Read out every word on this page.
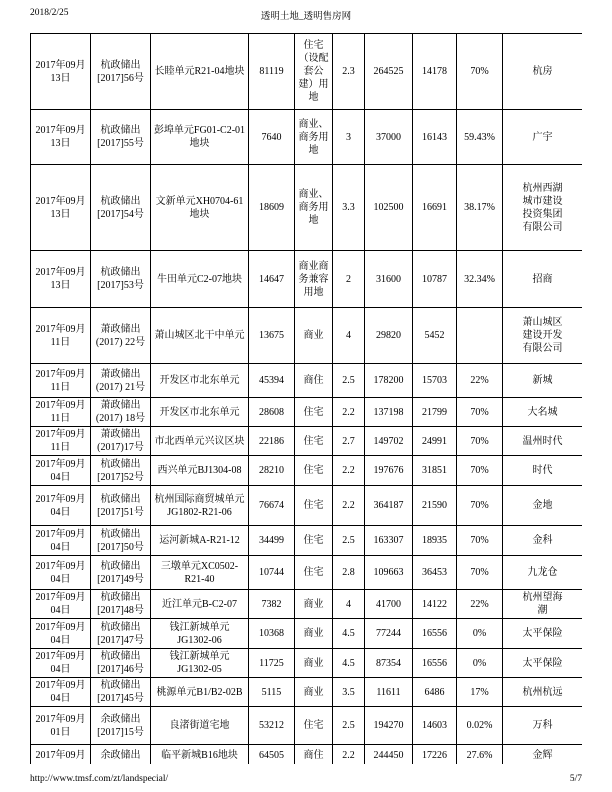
2018/2/25	透明土地_透明售房网
2017年09月13日	杭政储出[2017]56号	长睦单元R21-04地块	81119	住宅（设配套公建）用地	2.3	264525	14178	70%	杭房
2017年09月13日	杭政储出[2017]55号	彭埠单元FG01-C2-01地块	7640	商业、商务用地	3	37000	16143	59.43%	广宇
2017年09月13日	杭政储出[2017]54号	文新单元XH0704-61地块	18609	商业、商务用地	3.3	102500	16691	38.17%	杭州西湖城市建设投资集团有限公司
2017年09月13日	杭政储出[2017]53号	牛田单元C2-07地块	14647	商业商务兼容用地	2	31600	10787	32.34%	招商
2017年09月11日	萧政储出(2017) 22号	萧山城区北干中单元	13675	商业	4	29820	5452		萧山城区建设开发有限公司
2017年09月11日	萧政储出(2017) 21号	开发区市北东单元	45394	商住	2.5	178200	15703	22%	新城
2017年09月11日	萧政储出(2017) 18号	开发区市北东单元	28608	住宅	2.2	137198	21799	70%	大名城
2017年09月11日	萧政储出(2017)17号	市北西单元兴议区块	22186	住宅	2.7	149702	24991	70%	温州时代
2017年09月04日	杭政储出[2017]52号	西兴单元BJ1304-08	28210	住宅	2.2	197676	31851	70%	时代
2017年09月04日	杭政储出[2017]51号	杭州国际商贸城单元JG1802-R21-06	76674	住宅	2.2	364187	21590	70%	金地
2017年09月04日	杭政储出[2017]50号	运河新城A-R21-12	34499	住宅	2.5	163307	18935	70%	金科
2017年09月04日	杭政储出[2017]49号	三墩单元XC0502-R21-40	10744	住宅	2.8	109663	36453	70%	九龙仓
2017年09月04日	杭政储出[2017]48号	近江单元B-C2-07	7382	商业	4	41700	14122	22%	杭州望海潮
2017年09月04日	杭政储出[2017]47号	钱江新城单元JG1302-06	10368	商业	4.5	77244	16556	0%	太平保险
2017年09月04日	杭政储出[2017]46号	钱江新城单元JG1302-05	11725	商业	4.5	87354	16556	0%	太平保险
2017年09月04日	杭政储出[2017]45号	桃源单元B1/B2-02B	5115	商业	3.5	11611	6486	17%	杭州杭远
2017年09月01日	余政储出[2017]15号	良渚街道宅地	53212	住宅	2.5	194270	14603	0.02%	万科
2017年09月	余政储出	临平新城B16地块	64505	商住	2.2	244450	17226	27.6%	金辉
http://www.tmsf.com/zt/landspecial/	5/7
